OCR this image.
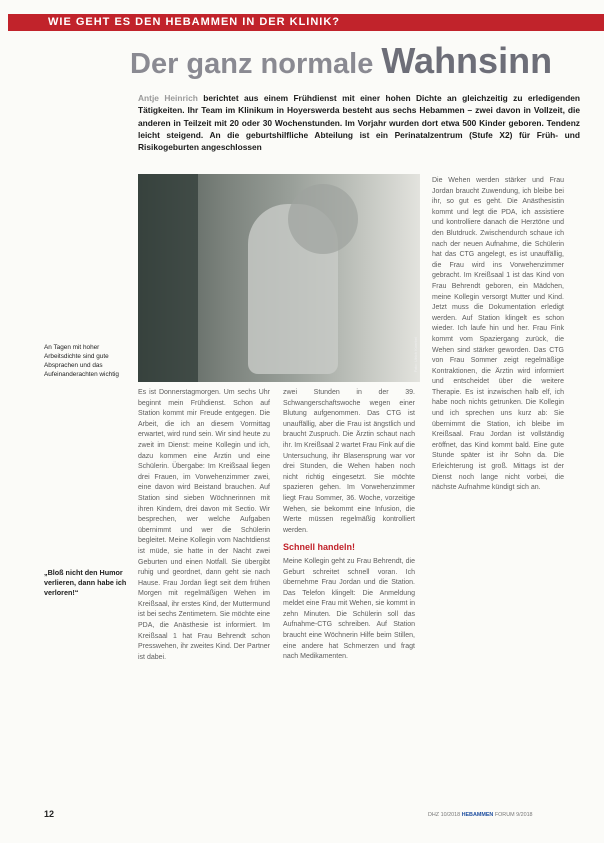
WIE GEHT ES DEN HEBAMMEN IN DER KLINIK?
Der ganz normale Wahnsinn
Antje Heinrich berichtet aus einem Frühdienst mit einer hohen Dichte an gleichzeitig zu erledigenden Tätigkeiten. Ihr Team im Klinikum in Hoyerswerda besteht aus sechs Hebammen – zwei davon in Vollzeit, die anderen in Teilzeit mit 20 oder 30 Wochenstunden. Im Vorjahr wurden dort etwa 500 Kinder geboren. Tendenz leicht steigend. An die geburtshilfliche Abteilung ist ein Perinatalzentrum (Stufe X2) für Früh- und Risikogeburten angeschlossen
Foto: Ulrich Koerbel
An Tagen mit hoher Arbeitsdichte sind gute Absprachen und das Aufeinanderachten wichtig
„Bloß nicht den Humor verlieren, dann habe ich verloren!“

Es ist Donnerstagmorgen. Um sechs Uhr beginnt mein Frühdienst. Schon auf Station kommt mir Freude entgegen. Die Arbeit, die ich an diesem Vormittag erwartet, wird rund sein. Wir sind heute zu zweit im Dienst: meine Kollegin und ich, dazu kommen eine Ärztin und eine Schülerin. Übergabe: Im Kreißsaal liegen drei Frauen, im Vorwehenzimmer zwei, eine davon wird Beistand brauchen. Auf Station sind sieben Wöchnerinnen mit ihren Kindern, drei davon mit Sectio. Wir besprechen, wer welche Aufgaben übernimmt und wer die Schülerin begleitet. Meine Kollegin vom Nachtdienst ist müde, sie hatte in der Nacht zwei Geburten und einen Notfall. Sie übergibt ruhig und geordnet, dann geht sie nach Hause. Frau Jordan liegt seit dem frühen Morgen mit regelmäßigen Wehen im Kreißsaal, ihr erstes Kind, der Muttermund ist bei sechs Zentimetern. Sie möchte eine PDA, die Anästhesie ist informiert. Im Kreißsaal 1 hat Frau Behrendt schon Presswehen, ihr zweites Kind. Der Partner ist dabei.

zwei Stunden in der 39. Schwangerschaftswoche wegen einer Blutung aufgenommen. Das CTG ist unauffällig, aber die Frau ist ängstlich und braucht Zuspruch. Die Ärztin schaut nach ihr. Im Kreißsaal 2 wartet Frau Fink auf die Untersuchung, ihr Blasensprung war vor drei Stunden, die Wehen haben noch nicht richtig eingesetzt. Sie möchte spazieren gehen. Im Vorwehenzimmer liegt Frau Sommer, 36. Woche, vorzeitige Wehen, sie bekommt eine Infusion, die Werte müssen regelmäßig kontrolliert werden.

Schnell handeln!

Meine Kollegin geht zu Frau Behrendt, die Geburt schreitet schnell voran. Ich übernehme Frau Jordan und die Station. Das Telefon klingelt: Die Anmeldung meldet eine Frau mit Wehen, sie kommt in zehn Minuten. Die Schülerin soll das Aufnahme-CTG schreiben. Auf Station braucht eine Wöchnerin Hilfe beim Stillen, eine andere hat Schmerzen und fragt nach Medikamenten.

Die Wehen werden stärker und Frau Jordan braucht Zuwendung, ich bleibe bei ihr, so gut es geht. Die Anästhesistin kommt und legt die PDA, ich assistiere und kontrolliere danach die Herztöne und den Blutdruck. Zwischendurch schaue ich nach der neuen Aufnahme, die Schülerin hat das CTG angelegt, es ist unauffällig, die Frau wird ins Vorwehenzimmer gebracht. Im Kreißsaal 1 ist das Kind von Frau Behrendt geboren, ein Mädchen, meine Kollegin versorgt Mutter und Kind. Jetzt muss die Dokumentation erledigt werden. Auf Station klingelt es schon wieder. Ich laufe hin und her. Frau Fink kommt vom Spaziergang zurück, die Wehen sind stärker geworden. Das CTG von Frau Sommer zeigt regelmäßige Kontraktionen, die Ärztin wird informiert und entscheidet über die weitere Therapie. Es ist inzwischen halb elf, ich habe noch nichts getrunken. Die Kollegin und ich sprechen uns kurz ab: Sie übernimmt die Station, ich bleibe im Kreißsaal. Frau Jordan ist vollständig eröffnet, das Kind kommt bald. Eine gute Stunde später ist ihr Sohn da. Die Erleichterung ist groß. Mittags ist der Dienst noch lange nicht vorbei, die nächste Aufnahme kündigt sich an.

12	DHZ 10/2018 HEBAMMEN FORUM 9/2018
